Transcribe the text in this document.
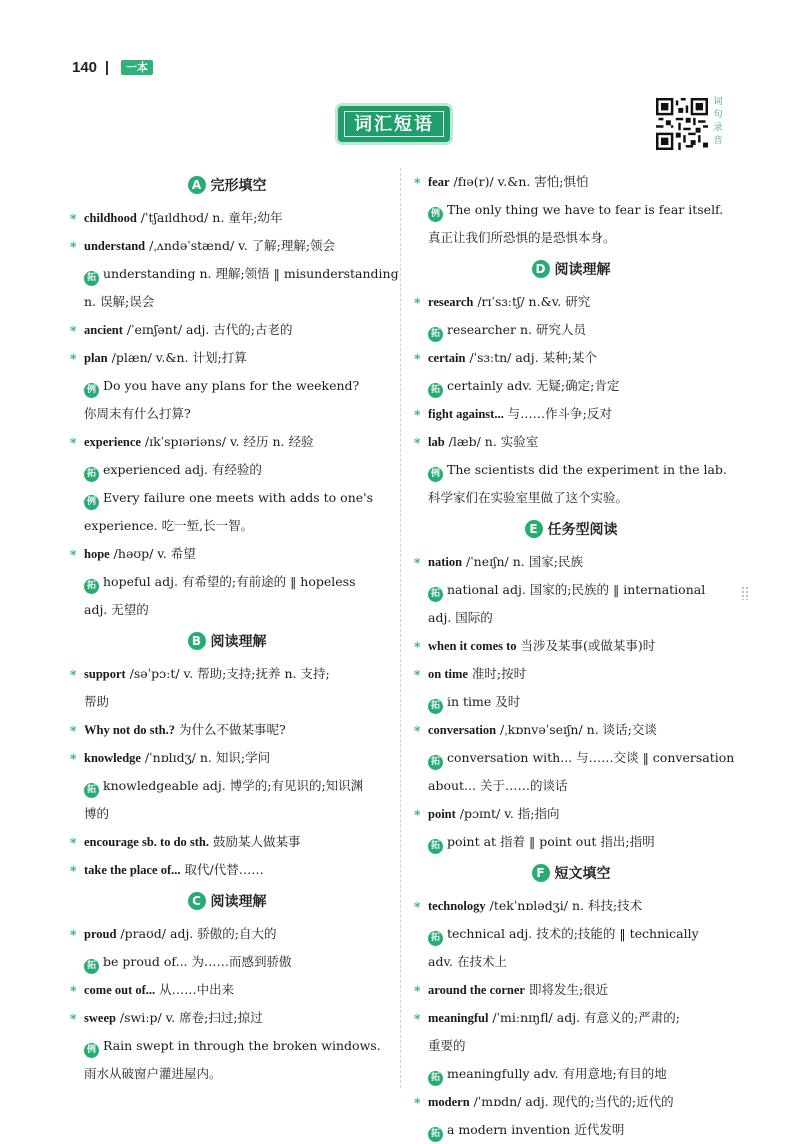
140	一本
词汇短语
词
句
录
音
A 完形填空
* childhood /ˈtʃaɪldhʊd/ n. 童年;幼年
* understand /ˌʌndəˈstænd/ v. 了解;理解;领会
拓 understanding n. 理解;领悟 ‖ misunderstanding
n. 误解;误会
* ancient /ˈeɪnʃənt/ adj. 古代的;古老的
* plan /plæn/ v.&n. 计划;打算
例 Do you have any plans for the weekend?
你周末有什么打算?
* experience /ɪkˈspɪəriəns/ v. 经历 n. 经验
拓 experienced adj. 有经验的
例 Every failure one meets with adds to one's
experience. 吃一堑,长一智。
* hope /həʊp/ v. 希望
拓 hopeful adj. 有希望的;有前途的 ‖ hopeless
adj. 无望的
B 阅读理解
* support /səˈpɔːt/ v. 帮助;支持;抚养 n. 支持;
帮助
* Why not do sth.? 为什么不做某事呢?
* knowledge /ˈnɒlɪdʒ/ n. 知识;学问
拓 knowledgeable adj. 博学的;有见识的;知识渊
博的
* encourage sb. to do sth. 鼓励某人做某事
* take the place of... 取代/代替……
C 阅读理解
* proud /praʊd/ adj. 骄傲的;自大的
拓 be proud of... 为……而感到骄傲
* come out of... 从……中出来
* sweep /swiːp/ v. 席卷;扫过;掠过
例 Rain swept in through the broken windows.
雨水从破窗户灌进屋内。
* fear /fɪə(r)/ v.&n. 害怕;惧怕
例 The only thing we have to fear is fear itself.
真正让我们所恐惧的是恐惧本身。
D 阅读理解
* research /rɪˈsɜːtʃ/ n.&v. 研究
拓 researcher n. 研究人员
* certain /ˈsɜːtn/ adj. 某种;某个
拓 certainly adv. 无疑;确定;肯定
* fight against... 与……作斗争;反对
* lab /læb/ n. 实验室
例 The scientists did the experiment in the lab.
科学家们在实验室里做了这个实验。
E 任务型阅读
* nation /ˈneɪʃn/ n. 国家;民族
拓 national adj. 国家的;民族的 ‖ international
adj. 国际的
* when it comes to 当涉及某事(或做某事)时
* on time 准时;按时
拓 in time 及时
* conversation /ˌkɒnvəˈseɪʃn/ n. 谈话;交谈
拓 conversation with... 与……交谈 ‖ conversation
about... 关于……的谈话
* point /pɔɪnt/ v. 指;指向
拓 point at 指着 ‖ point out 指出;指明
F 短文填空
* technology /tekˈnɒlədʒi/ n. 科技;技术
拓 technical adj. 技术的;技能的 ‖ technically
adv. 在技术上
* around the corner 即将发生;很近
* meaningful /ˈmiːnɪŋfl/ adj. 有意义的;严肃的;
重要的
拓 meaningfully adv. 有用意地;有目的地
* modern /ˈmɒdn/ adj. 现代的;当代的;近代的
拓 a modern invention 近代发明
